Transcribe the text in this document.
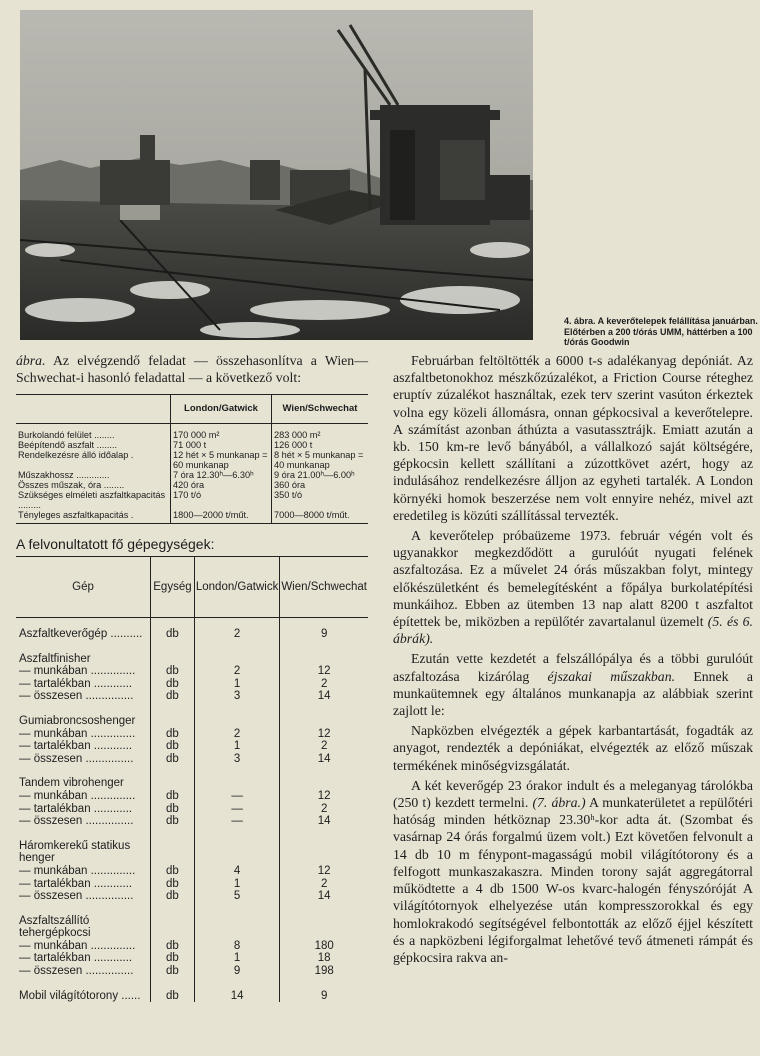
4. ábra. A keverőtelepek felállítása januárban. Előtérben a 200 t/órás UMM, háttérben a 100 t/órás Goodwin

ábra. Az elvégzendő feladat — összehasonlítva a Wien—Schwechat-i hasonló feladattal — a következő volt:

	London/Gatwick	Wien/Schwechat
Burkolandó felület ........	170 000 m²	283 000 m²
Beépítendő aszfalt ........	71 000 t	126 000 t
Rendelkezésre álló időalap .	12 hét × 5 munkanap = 60 munkanap	8 hét × 5 munkanap = 40 munkanap
Műszakhossz .............	7 óra 12.30ʰ—6.30ʰ	9 óra 21.00ʰ—6.00ʰ
Összes műszak, óra ........	420 óra	360 óra
Szükséges elméleti aszfaltkapacitás .........	170 t/ó	350 t/ó
Tényleges aszfaltkapacitás .	1800—2000 t/műt.	7000—8000 t/műt.
A felvonultatott fő gépegységek:
Gép	Egység	London/Gatwick	Wien/Schwechat
Aszfaltkeverőgép ..........	db	2	9
Aszfaltfinisher			
— munkában ..............	db	2	12
— tartalékban ............	db	1	2
— összesen ...............	db	3	14
Gumiabroncsoshenger			
— munkában ..............	db	2	12
— tartalékban ............	db	1	2
— összesen ...............	db	3	14
Tandem vibrohenger			
— munkában ..............	db	—	12
— tartalékban ............	db	—	2
— összesen ...............	db	—	14
Háromkerekű statikus henger			
— munkában ..............	db	4	12
— tartalékban ............	db	1	2
— összesen ...............	db	5	14
Aszfaltszállító tehergépkocsi			
— munkában ..............	db	8	180
— tartalékban ............	db	1	18
— összesen ...............	db	9	198
Mobil világítótorony ......	db	14	9

Februárban feltöltötték a 6000 t-s adalékanyag depóniát. Az aszfaltbetonokhoz mészkőzúzalékot, a Friction Course réteghez eruptív zúzalékot használtak, ezek terv szerint vasúton érkeztek volna egy közeli állomásra, onnan gépkocsival a keverőtelepre. A számítást azonban áthúzta a vasutassztrájk. Emiatt azután a kb. 150 km-re levő bányából, a vállalkozó saját költségére, gépkocsin kellett szállítani a zúzottkövet azért, hogy az indulásához rendelkezésre álljon az egyheti tartalék. A London környéki homok beszerzése nem volt ennyire nehéz, mivel azt eredetileg is közúti szállítással tervezték.

A keverőtelep próbaüzeme 1973. február végén volt és ugyanakkor megkezdődött a gurulóút nyugati felének aszfaltozása. Ez a művelet 24 órás műszakban folyt, mintegy előkészületként és bemelegítésként a főpálya burkolatépítési munkáihoz. Ebben az ütemben 13 nap alatt 8200 t aszfaltot építettek be, miközben a repülőtér zavartalanul üzemelt (5. és 6. ábrák).

Ezután vette kezdetét a felszállópálya és a többi gurulóút aszfaltozása kizárólag éjszakai műszakban. Ennek a munkaütemnek egy általános munkanapja az alábbiak szerint zajlott le:

Napközben elvégezték a gépek karbantartását, fogadták az anyagot, rendezték a depóniákat, elvégezték az előző műszak termékének minőségvizsgálatát.

A két keverőgép 23 órakor indult és a meleganyag tárolókba (250 t) kezdett termelni. (7. ábra.) A munkaterületet a repülőtéri hatóság minden hétköznap 23.30ʰ-kor adta át. (Szombat és vasárnap 24 órás forgalmú üzem volt.) Ezt követően felvonult a 14 db 10 m fénypont-magasságú mobil világítótorony és a felfogott munkaszakaszra. Minden torony saját aggregátorral működtette a 4 db 1500 W-os kvarc-halogén fényszóróját A világítótornyok elhelyezése után kompresszorokkal és egy homlokrakodó segítségével felbontották az előző éjjel készített és a napközbeni légiforgalmat lehetővé tevő átmeneti rámpát és gépkocsira rakva an-
